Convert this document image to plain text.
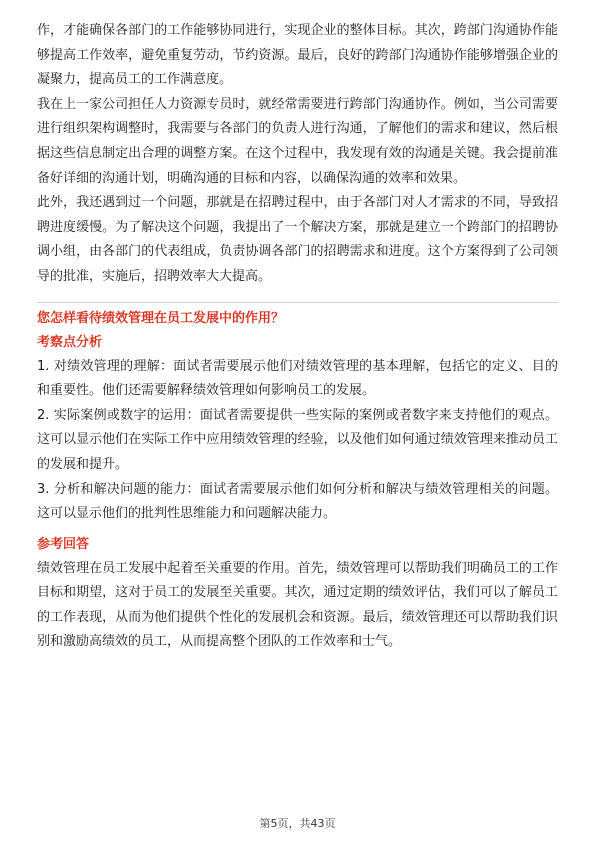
作，才能确保各部门的工作能够协同进行，实现企业的整体目标。其次，跨部门沟通协作能够提高工作效率，避免重复劳动，节约资源。最后，良好的跨部门沟通协作能够增强企业的凝聚力，提高员工的工作满意度。

我在上一家公司担任人力资源专员时，就经常需要进行跨部门沟通协作。例如，当公司需要进行组织架构调整时，我需要与各部门的负责人进行沟通，了解他们的需求和建议，然后根据这些信息制定出合理的调整方案。在这个过程中，我发现有效的沟通是关键。我会提前准备好详细的沟通计划，明确沟通的目标和内容，以确保沟通的效率和效果。

此外，我还遇到过一个问题，那就是在招聘过程中，由于各部门对人才需求的不同，导致招聘进度缓慢。为了解决这个问题，我提出了一个解决方案，那就是建立一个跨部门的招聘协调小组，由各部门的代表组成，负责协调各部门的招聘需求和进度。这个方案得到了公司领导的批准，实施后，招聘效率大大提高。

您怎样看待绩效管理在员工发展中的作用？

考察点分析

1. 对绩效管理的理解：面试者需要展示他们对绩效管理的基本理解，包括它的定义、目的和重要性。他们还需要解释绩效管理如何影响员工的发展。

2. 实际案例或数字的运用：面试者需要提供一些实际的案例或者数字来支持他们的观点。这可以显示他们在实际工作中应用绩效管理的经验，以及他们如何通过绩效管理来推动员工的发展和提升。

3. 分析和解决问题的能力：面试者需要展示他们如何分析和解决与绩效管理相关的问题。这可以显示他们的批判性思维能力和问题解决能力。

参考回答

绩效管理在员工发展中起着至关重要的作用。首先，绩效管理可以帮助我们明确员工的工作目标和期望，这对于员工的发展至关重要。其次，通过定期的绩效评估，我们可以了解员工的工作表现，从而为他们提供个性化的发展机会和资源。最后，绩效管理还可以帮助我们识别和激励高绩效的员工，从而提高整个团队的工作效率和士气。

第5页，共43页
